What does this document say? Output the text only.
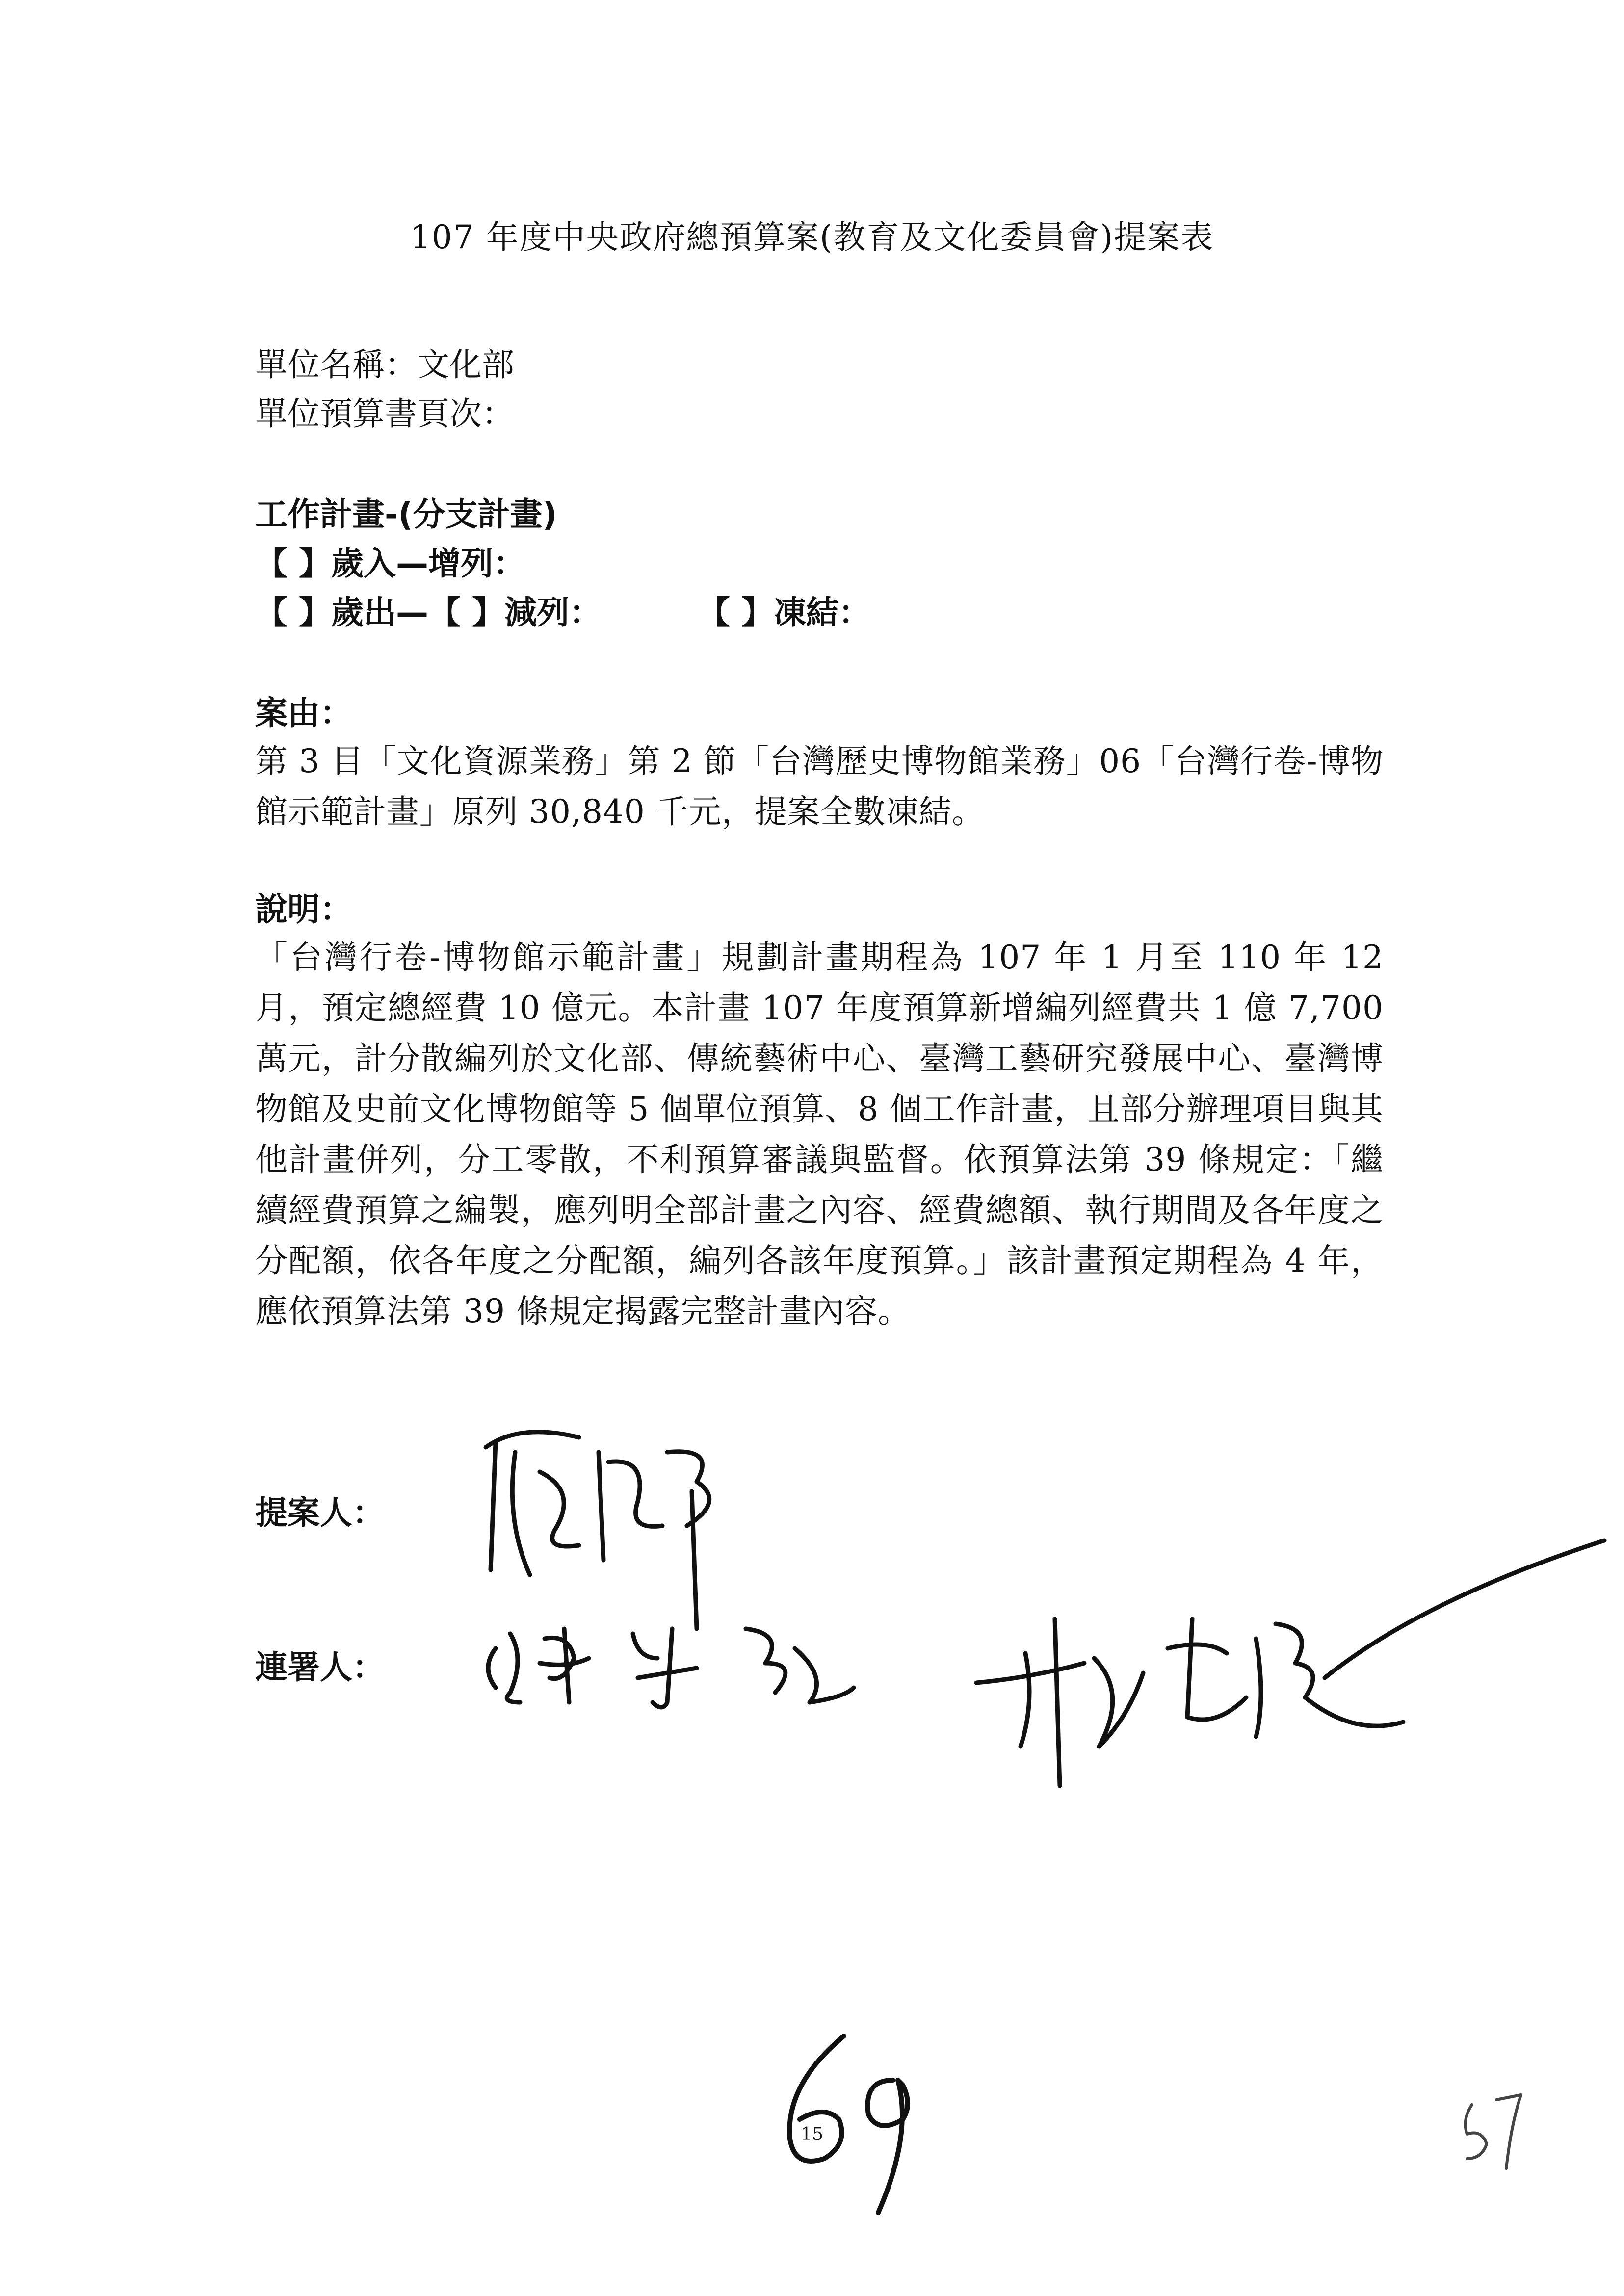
107 年度中央政府總預算案(教育及文化委員會)提案表
單位名稱：文化部
單位預算書頁次：
工作計畫-(分支計畫)
【 】歲入—增列：
【 】歲出—【 】減列：	【 】凍結：
案由：
第 3 目「文化資源業務」第 2 節「台灣歷史博物館業務」06「台灣行卷-博物館示範計畫」原列 30,840 千元，提案全數凍結。
說明：
「台灣行卷-博物館示範計畫」規劃計畫期程為 107 年 1 月至 110 年 12 月，預定總經費 10 億元。本計畫 107 年度預算新增編列經費共 1 億 7,700 萬元，計分散編列於文化部、傳統藝術中心、臺灣工藝研究發展中心、臺灣博物館及史前文化博物館等 5 個單位預算、8 個工作計畫，且部分辦理項目與其他計畫併列，分工零散，不利預算審議與監督。依預算法第 39 條規定：「繼續經費預算之編製，應列明全部計畫之內容、經費總額、執行期間及各年度之分配額，依各年度之分配額，編列各該年度預算。」該計畫預定期程為 4 年，應依預算法第 39 條規定揭露完整計畫內容。
提案人：
連署人：
15
